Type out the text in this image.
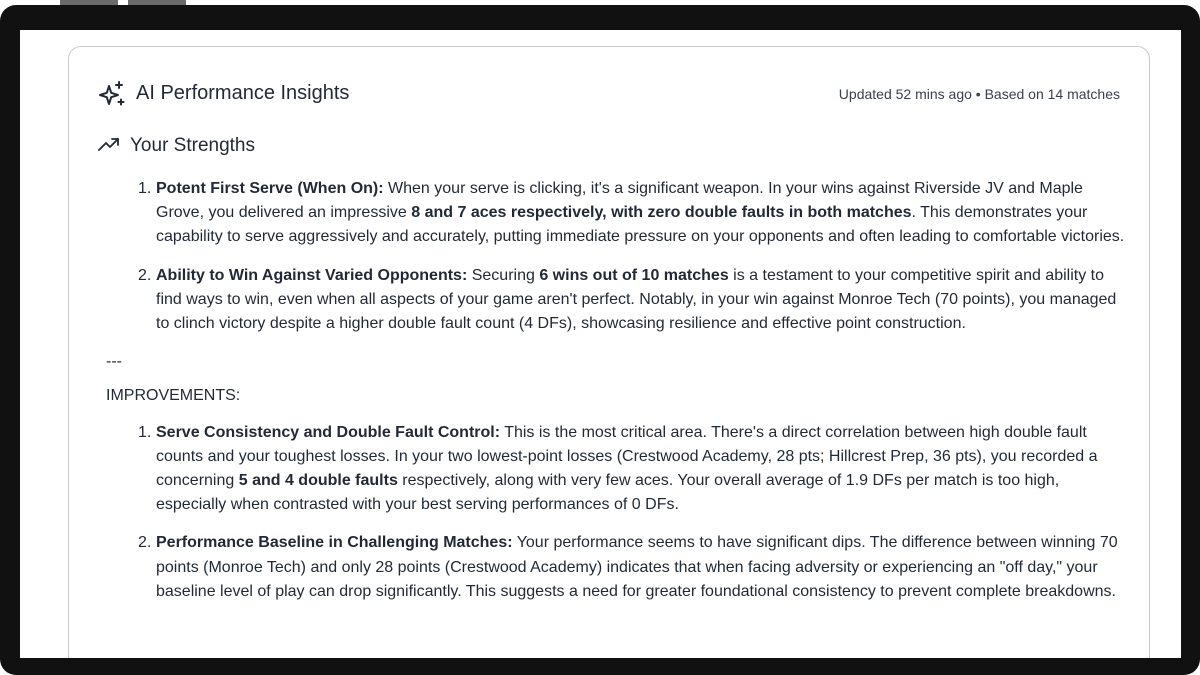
AI Performance Insights	Updated 52 mins ago • Based on 14 matches
Your Strengths
1. Potent First Serve (When On): When your serve is clicking, it's a significant weapon. In your wins against Riverside JV and Maple Grove, you delivered an impressive 8 and 7 aces respectively, with zero double faults in both matches. This demonstrates your capability to serve aggressively and accurately, putting immediate pressure on your opponents and often leading to comfortable victories.
2. Ability to Win Against Varied Opponents: Securing 6 wins out of 10 matches is a testament to your competitive spirit and ability to find ways to win, even when all aspects of your game aren't perfect. Notably, in your win against Monroe Tech (70 points), you managed to clinch victory despite a higher double fault count (4 DFs), showcasing resilience and effective point construction.
---
IMPROVEMENTS:
1. Serve Consistency and Double Fault Control: This is the most critical area. There's a direct correlation between high double fault counts and your toughest losses. In your two lowest-point losses (Crestwood Academy, 28 pts; Hillcrest Prep, 36 pts), you recorded a concerning 5 and 4 double faults respectively, along with very few aces. Your overall average of 1.9 DFs per match is too high, especially when contrasted with your best serving performances of 0 DFs.
2. Performance Baseline in Challenging Matches: Your performance seems to have significant dips. The difference between winning 70 points (Monroe Tech) and only 28 points (Crestwood Academy) indicates that when facing adversity or experiencing an "off day," your baseline level of play can drop significantly. This suggests a need for greater foundational consistency to prevent complete breakdowns.
